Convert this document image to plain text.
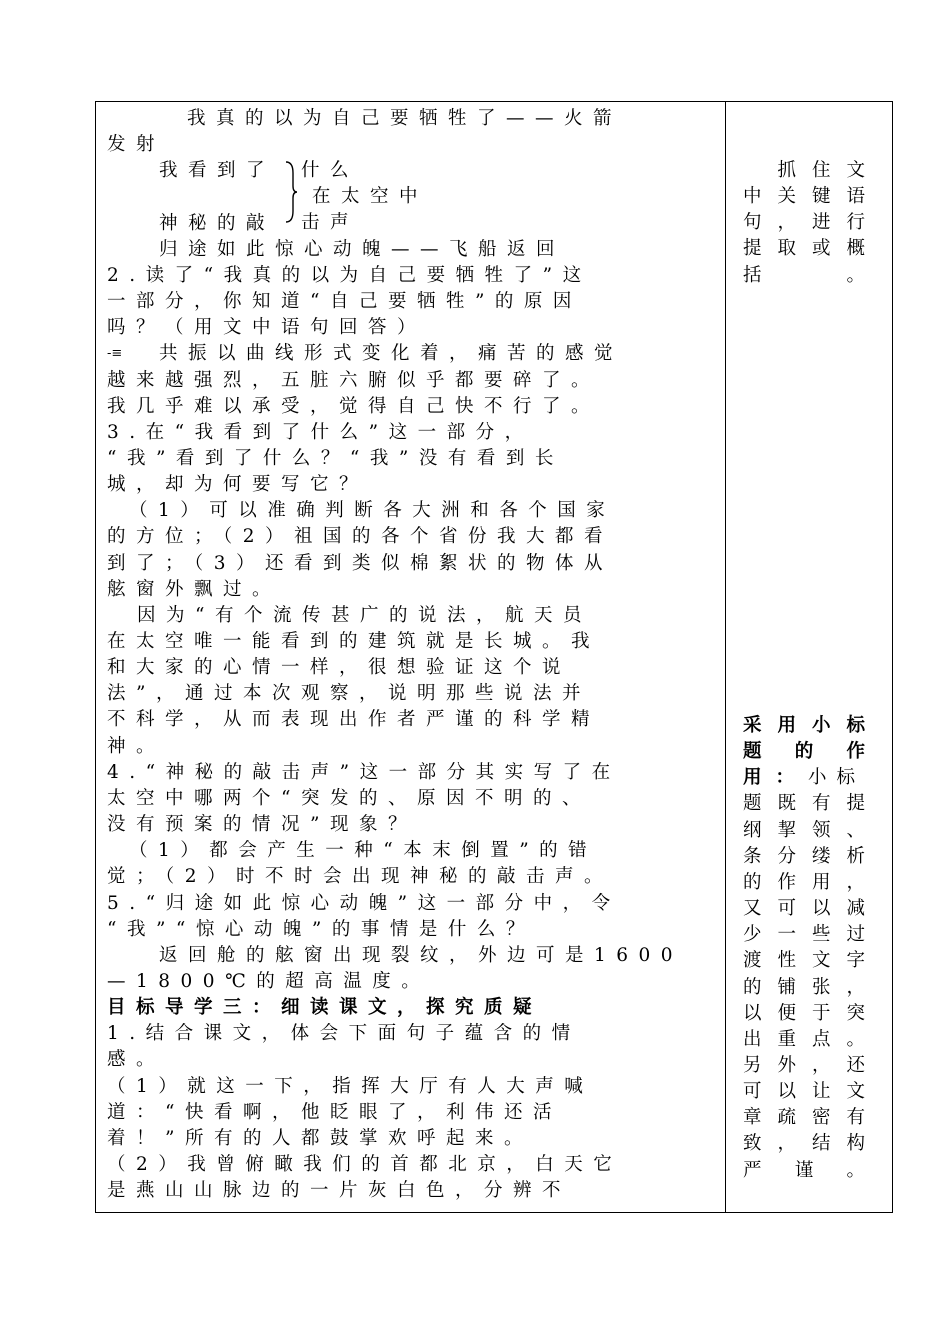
我真的以为自己要牺牲了——火箭
发射
我看到了
在太空中
神秘的敲
归途如此惊心动魄——飞船返回
2.读了“我真的以为自己要牺牲了”这
一部分，你知道“自己要牺牲”的原因
吗？（用文中语句回答）
共振以曲线形式变化着，痛苦的感觉
越来越强烈，五脏六腑似乎都要碎了。
我几乎难以承受，觉得自己快不行了。
3.在“我看到了什么”这一部分，
“我”看到了什么？“我”没有看到长
城，却为何要写它？
（1）可以准确判断各大洲和各个国家
的方位；（2）祖国的各个省份我大都看
到了；（3）还看到类似棉絮状的物体从
舷窗外飘过。
因为“有个流传甚广的说法，航天员
在太空唯一能看到的建筑就是长城。我
和大家的心情一样，很想验证这个说
法”，通过本次观察，说明那些说法并
不科学，从而表现出作者严谨的科学精
神。
4.“神秘的敲击声”这一部分其实写了在
太空中哪两个“突发的、原因不明的、
没有预案的情况”现象？
（1）都会产生一种“本末倒置”的错
觉；（2）时不时会出现神秘的敲击声。
5.“归途如此惊心动魄”这一部分中，令
“我”“惊心动魄”的事情是什么？
返回舱的舷窗出现裂纹，外边可是1600
—1800℃的超高温度。
目标导学三：细读课文，探究质疑
1.结合课文，体会下面句子蕴含的情
感。
（1）就这一下，指挥大厅有人大声喊
道：“快看啊，他眨眼了，利伟还活
着！”所有的人都鼓掌欢呼起来。
（2）我曾俯瞰我们的首都北京，白天它
是燕山山脉边的一片灰白色，分辨不
什么
击声
-≡

抓 住 文
中 关 键 语
句 ， 进 行
提 取 或 概
括	。
采 用 小 标
题 的 作
用 ： 小标
题 既 有 提
纲 挈 领 、
条 分 缕 析
的 作 用 ，
又 可 以 减
少 一 些 过
渡 性 文 字
的 铺 张 ，
以 便 于 突
出 重 点 。
另 外 ， 还
可 以 让 文
章 疏 密 有
致 ， 结 构
严 谨 。
